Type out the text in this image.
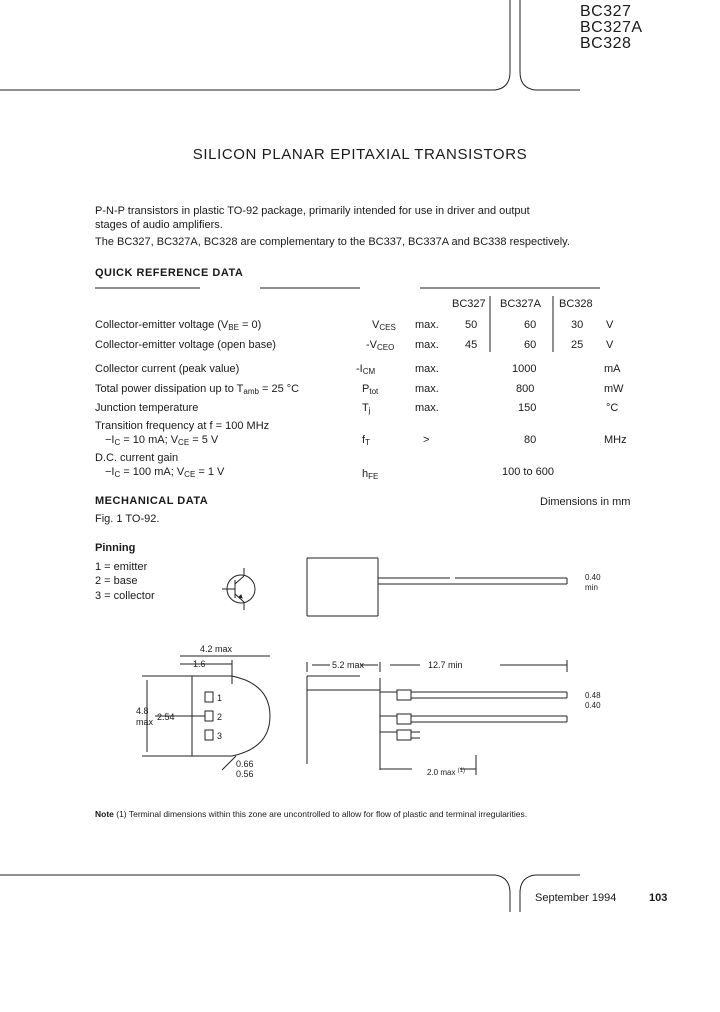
BC327
BC327A
BC328
SILICON PLANAR EPITAXIAL TRANSISTORS
P-N-P transistors in plastic TO-92 package, primarily intended for use in driver and output
stages of audio amplifiers.
The BC327, BC327A, BC328 are complementary to the BC337, BC337A and BC338 respectively.
QUICK REFERENCE DATA
BC327 BC327A BC328
Collector-emitter voltage $(V_{BE} = 0)$	$V_{CES}$ max. 50	60	30 V
Collector-emitter voltage (open base)	$-V_{CEO}$ max. 45	60	25 V
Collector current (peak value)	$-I_{CM}$	max.	1000	mA
Total power dissipation up to $T_{amb} = 25$ °C	$P_{tot}$	max.	800	mW
Junction temperature	$T_j$	max.	150	°C
Transition frequency at f = 100 MHz
$-I_C = 10$ mA; $V_{CE} = 5$ V	$f_T$	>	80	MHz
D.C. current gain
$-I_C = 100$ mA; $V_{CE} = 1$ V	$h_{FE}$	100 to 600
MECHANICAL DATA	Dimensions in mm
Fig. 1 TO-92.
Pinning
1 = emitter
2 = base
3 = collector
4.2 max
1.6
4.8
max 2.54
1
2
3
0.66
0.56
5.2 max	12.7 min
0.40
min
0.48
0.40
2.0 max $^{(1)}$
Note (1) Terminal dimensions within this zone are uncontrolled to allow for flow of plastic and terminal irregularities.
September 1994	103
